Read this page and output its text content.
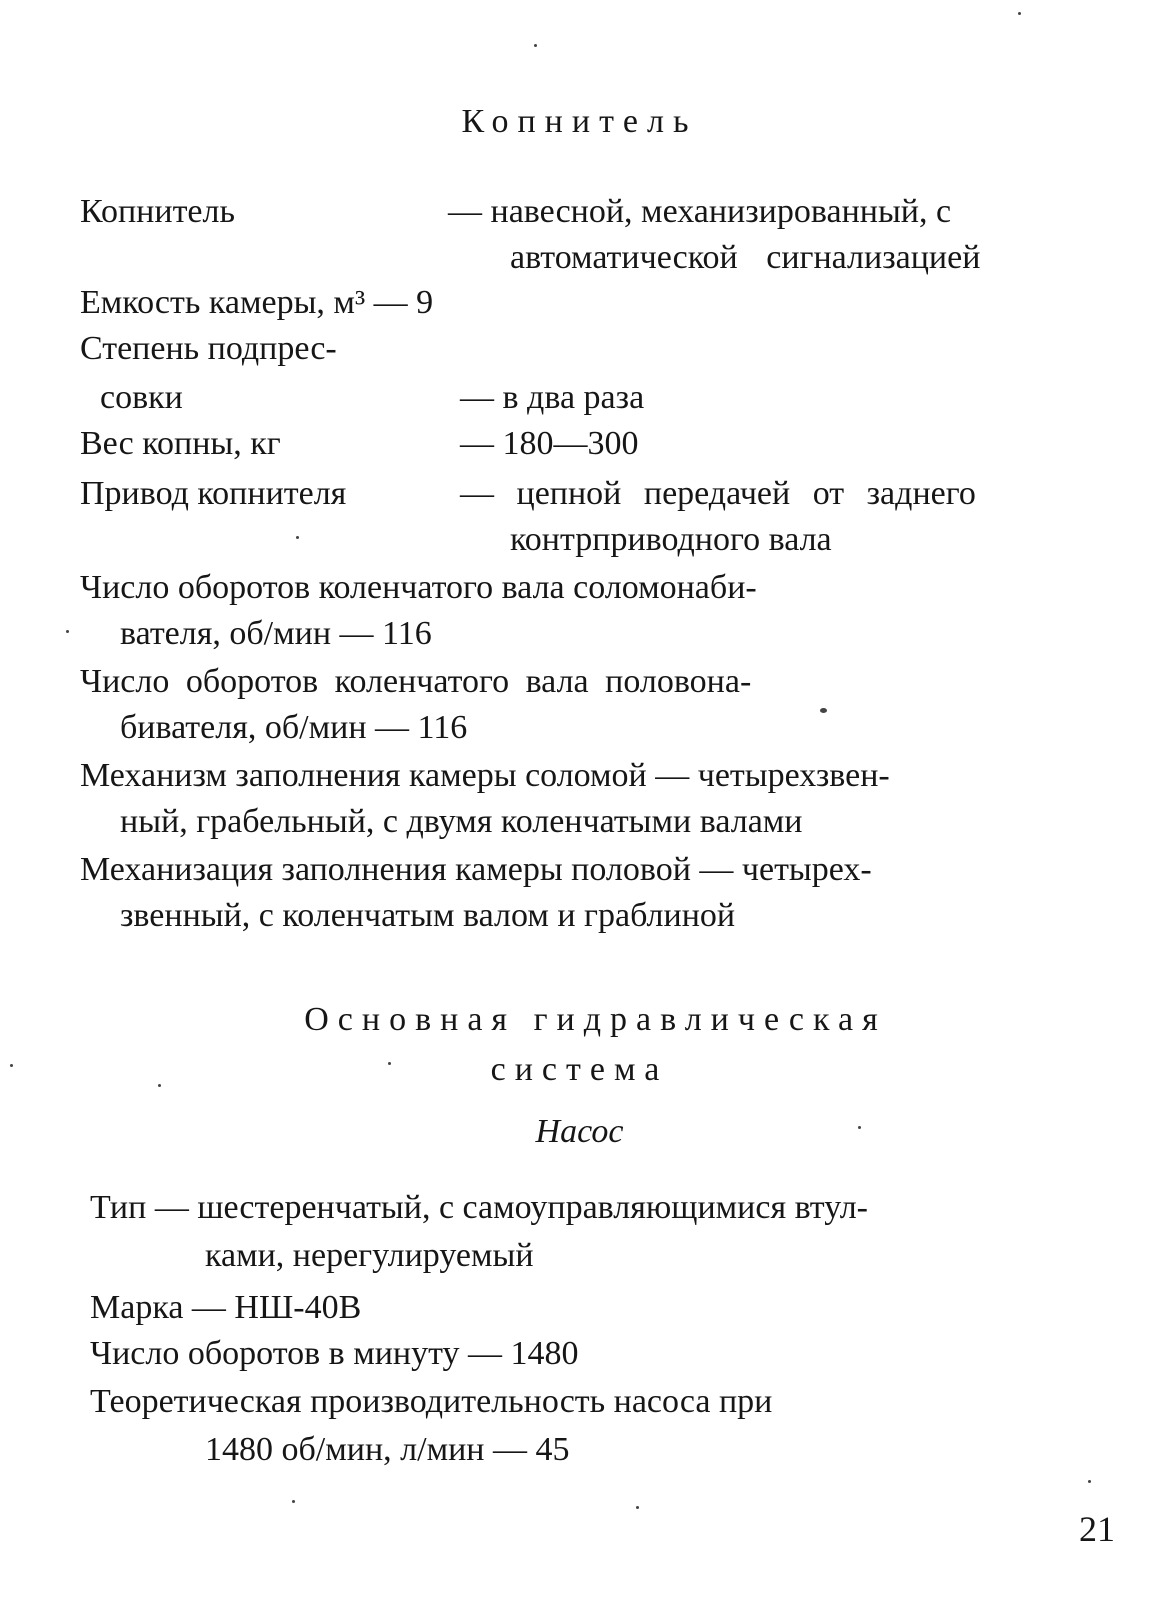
Копнитель
Копнитель	— навесной, механизированный, с
автоматической сигнализацией
Емкость камеры, м³ — 9
Степень подпрес-
совки	— в два раза
Вес копны, кг	— 180—300
Привод копнителя	— цепной передачей от заднего
контрприводного вала
Число оборотов коленчатого вала соломонаби-
вателя, об/мин — 116
Число оборотов коленчатого вала половона-
бивателя, об/мин — 116
Механизм заполнения камеры соломой — четырехзвен-
ный, грабельный, с двумя коленчатыми валами
Механизация заполнения камеры половой — четырех-
звенный, с коленчатым валом и граблиной
Основная гидравлическая
система
Насос
Тип — шестеренчатый, с самоуправляющимися втул-
ками, нерегулируемый
Марка — НШ-40В
Число оборотов в минуту — 1480
Теоретическая производительность насоса при
1480 об/мин, л/мин — 45
21
